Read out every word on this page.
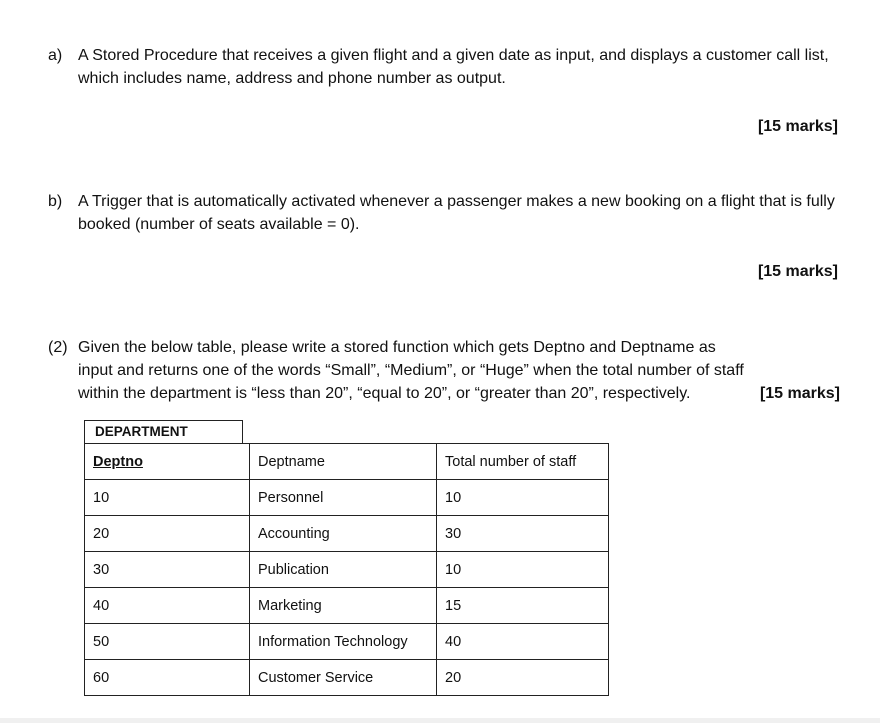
a) A Stored Procedure that receives a given flight and a given date as input, and displays a customer call list, which includes name, address and phone number as output.
[15 marks]
b) A Trigger that is automatically activated whenever a passenger makes a new booking on a flight that is fully booked (number of seats available = 0).
[15 marks]
(2) Given the below table, please write a stored function which gets Deptno and Deptname as input and returns one of the words “Small”, “Medium”, or “Huge” when the total number of staff within the department is “less than 20”, “equal to 20”, or “greater than 20”, respectively.	[15 marks]
DEPARTMENT
Deptno	Deptname	Total number of staff
10	Personnel	10
20	Accounting	30
30	Publication	10
40	Marketing	15
50	Information Technology	40
60	Customer Service	20
